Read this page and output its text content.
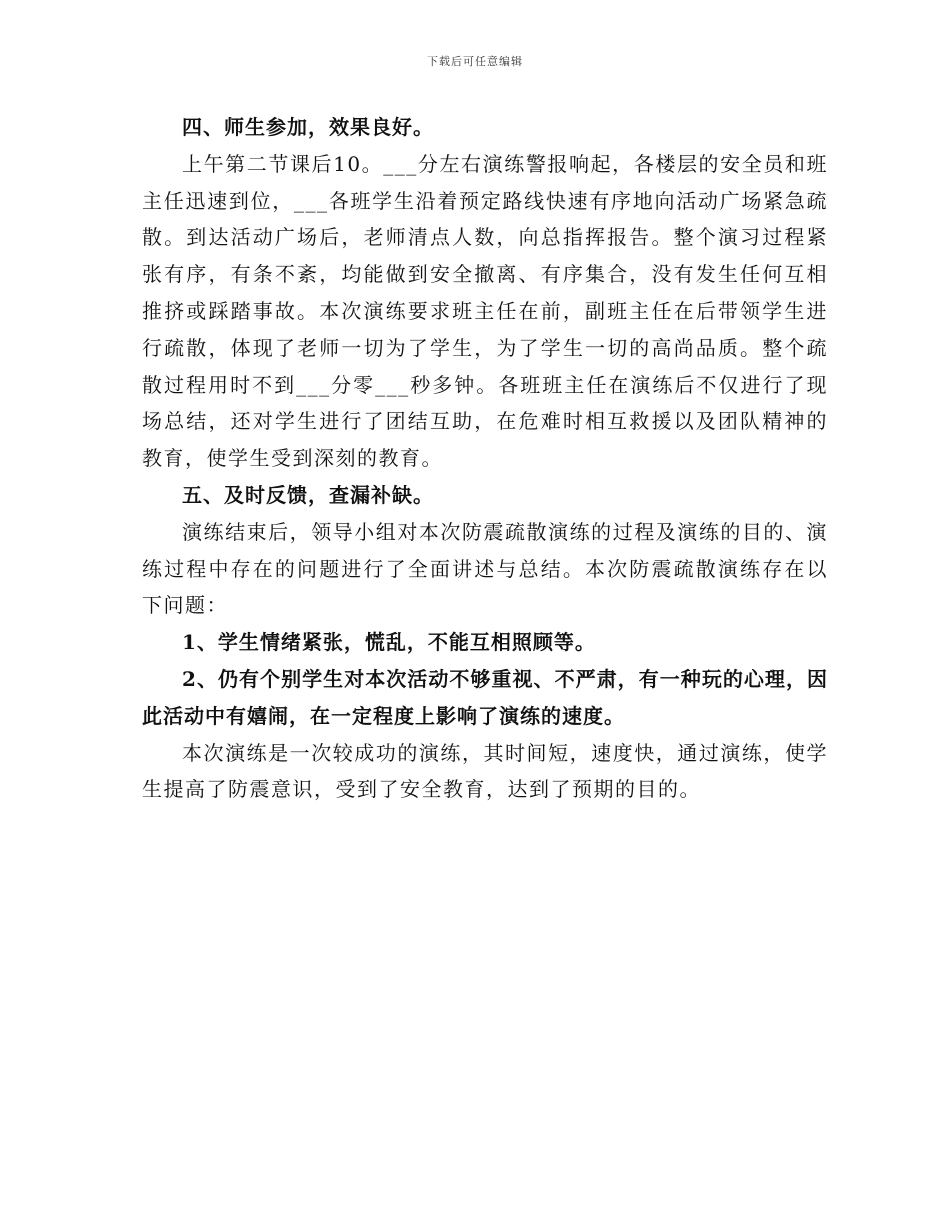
下载后可任意编辑

四、师生参加，效果良好。

上午第二节课后10。___分左右演练警报响起，各楼层的安全员和班主任迅速到位，___各班学生沿着预定路线快速有序地向活动广场紧急疏散。到达活动广场后，老师清点人数，向总指挥报告。整个演习过程紧张有序，有条不紊，均能做到安全撤离、有序集合，没有发生任何互相推挤或踩踏事故。本次演练要求班主任在前，副班主任在后带领学生进行疏散，体现了老师一切为了学生，为了学生一切的高尚品质。整个疏散过程用时不到___分零___秒多钟。各班班主任在演练后不仅进行了现场总结，还对学生进行了团结互助，在危难时相互救援以及团队精神的教育，使学生受到深刻的教育。

五、及时反馈，查漏补缺。

演练结束后，领导小组对本次防震疏散演练的过程及演练的目的、演练过程中存在的问题进行了全面讲述与总结。本次防震疏散演练存在以下问题：

1、学生情绪紧张，慌乱，不能互相照顾等。

2、仍有个别学生对本次活动不够重视、不严肃，有一种玩的心理，因此活动中有嬉闹，在一定程度上影响了演练的速度。

本次演练是一次较成功的演练，其时间短，速度快，通过演练，使学生提高了防震意识，受到了安全教育，达到了预期的目的。
